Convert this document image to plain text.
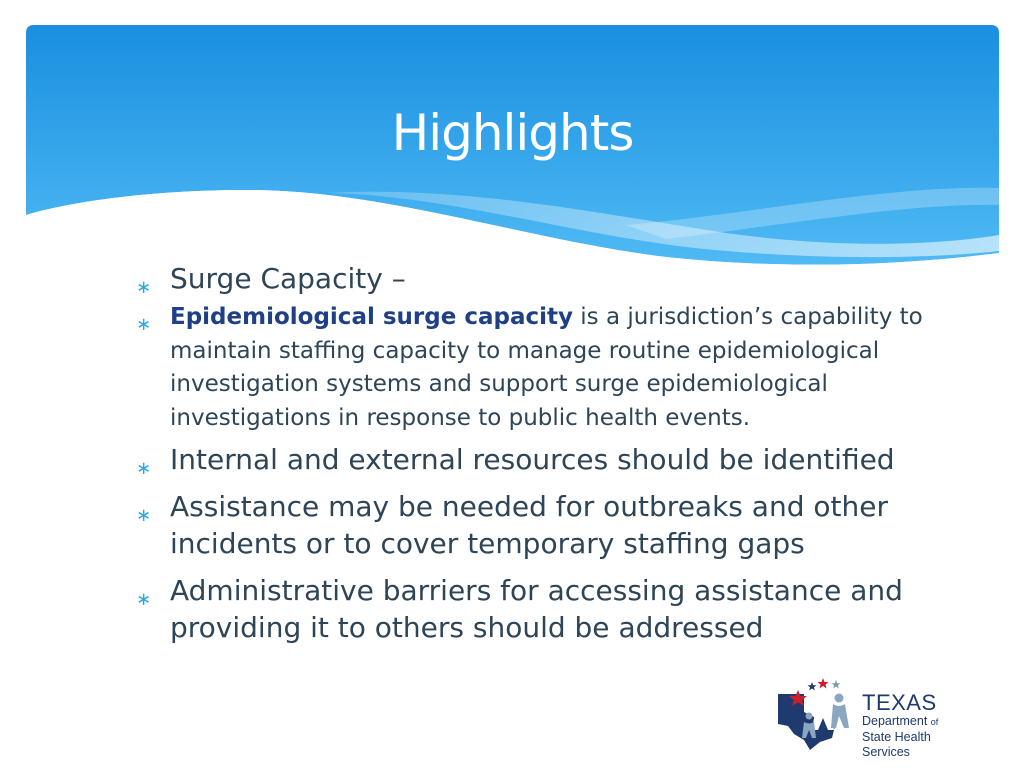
Highlights
∗ Surge Capacity –
∗ Epidemiological surge capacity is a jurisdiction’s capability to maintain staffing capacity to manage routine epidemiological investigation systems and support surge epidemiological investigations in response to public health events.
∗ Internal and external resources should be identified
∗ Assistance may be needed for outbreaks and other incidents or to cover temporary staffing gaps
∗ Administrative barriers for accessing assistance and providing it to others should be addressed
TEXAS
Department of
State Health Services
